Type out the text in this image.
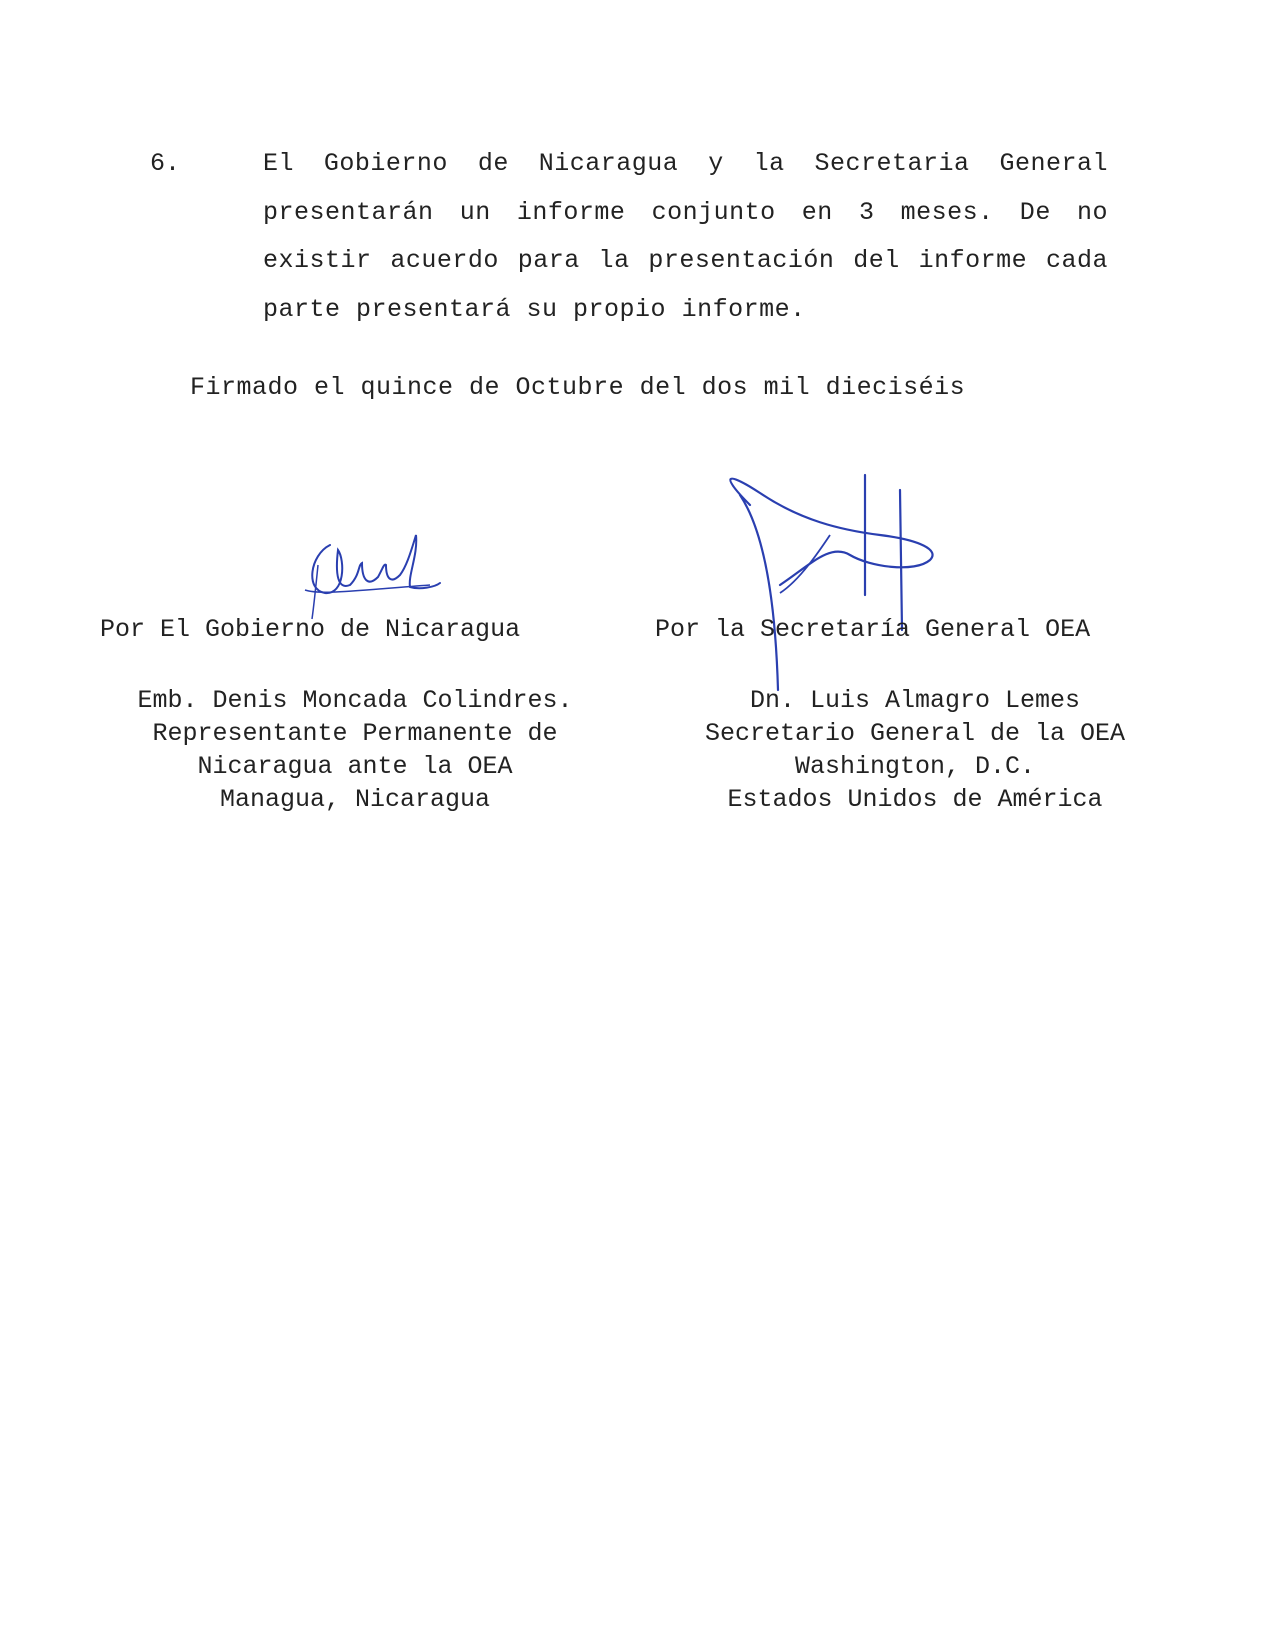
6.	El Gobierno de Nicaragua y la Secretaria General presentarán un informe conjunto en 3 meses. De no existir acuerdo para la presentación del informe cada parte presentará su propio informe.
Firmado el quince de Octubre del dos mil dieciséis
Por El Gobierno de Nicaragua	Por la Secretaría General OEA
Emb. Denis Moncada Colindres.
Representante Permanente de
Nicaragua ante la OEA
Managua, Nicaragua
Dn. Luis Almagro Lemes
Secretario General de la OEA
Washington, D.C.
Estados Unidos de América
